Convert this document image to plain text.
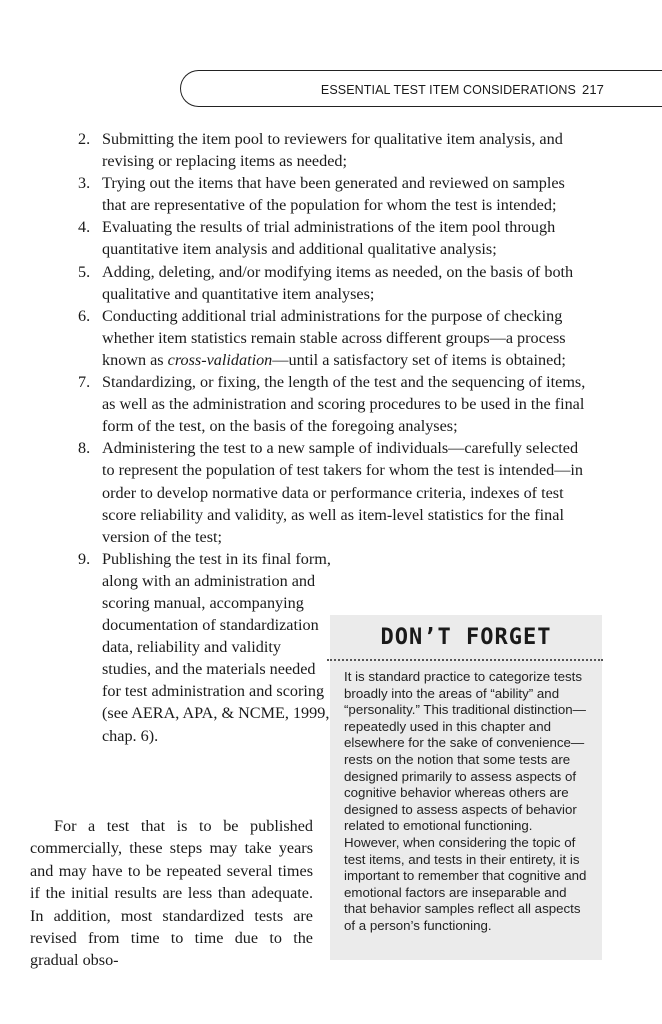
ESSENTIAL TEST ITEM CONSIDERATIONS 217
2. Submitting the item pool to reviewers for qualitative item analysis, and revising or replacing items as needed;
3. Trying out the items that have been generated and reviewed on samples that are representative of the population for whom the test is intended;
4. Evaluating the results of trial administrations of the item pool through quantitative item analysis and additional qualitative analysis;
5. Adding, deleting, and/or modifying items as needed, on the basis of both qualitative and quantitative item analyses;
6. Conducting additional trial administrations for the purpose of checking whether item statistics remain stable across different groups—a process known as cross-validation—until a satisfactory set of items is obtained;
7. Standardizing, or fixing, the length of the test and the sequencing of items, as well as the administration and scoring procedures to be used in the final form of the test, on the basis of the foregoing analyses;
8. Administering the test to a new sample of individuals—carefully selected to represent the population of test takers for whom the test is intended—in order to develop normative data or performance criteria, indexes of test score reliability and validity, as well as item-level statistics for the final version of the test;
9. Publishing the test in its final form, along with an administration and scoring manual, accompanying documentation of standardization data, reliability and validity studies, and the materials needed for test administration and scoring (see AERA, APA, & NCME, 1999, chap. 6).

For a test that is to be published commercially, these steps may take years and may have to be repeated several times if the initial results are less than adequate. In addition, most standardized tests are revised from time to time due to the gradual obso-

DON’T FORGET

It is standard practice to categorize tests broadly into the areas of “ability” and “personality.” This traditional distinction—repeatedly used in this chapter and elsewhere for the sake of convenience—rests on the notion that some tests are designed primarily to assess aspects of cognitive behavior whereas others are designed to assess aspects of behavior related to emotional functioning. However, when considering the topic of test items, and tests in their entirety, it is important to remember that cognitive and emotional factors are inseparable and that behavior samples reflect all aspects of a person’s functioning.
